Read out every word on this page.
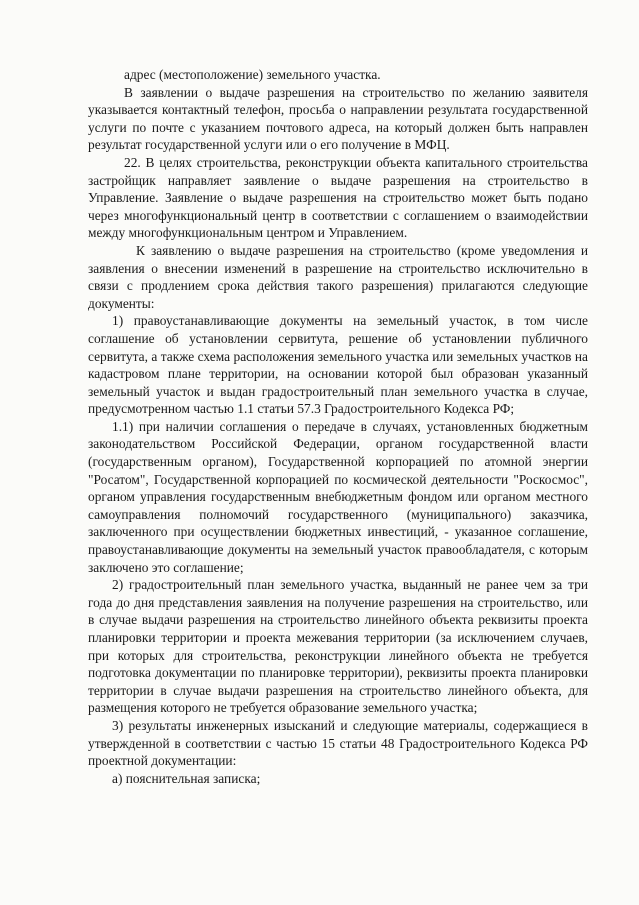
адрес (местоположение) земельного участка.

В заявлении о выдаче разрешения на строительство по желанию заявителя указывается контактный телефон, просьба о направлении результата государственной услуги по почте с указанием почтового адреса, на который должен быть направлен результат государственной услуги или о его получение в МФЦ.

22. В целях строительства, реконструкции объекта капитального строительства застройщик направляет заявление о выдаче разрешения на строительство в Управление. Заявление о выдаче разрешения на строительство может быть подано через многофункциональный центр в соответствии с соглашением о взаимодействии между многофункциональным центром и Управлением.

К заявлению о выдаче разрешения на строительство (кроме уведомления и заявления о внесении изменений в разрешение на строительство исключительно в связи с продлением срока действия такого разрешения) прилагаются следующие документы:

1) правоустанавливающие документы на земельный участок, в том числе соглашение об установлении сервитута, решение об установлении публичного сервитута, а также схема расположения земельного участка или земельных участков на кадастровом плане территории, на основании которой был образован указанный земельный участок и выдан градостроительный план земельного участка в случае, предусмотренном частью 1.1 статьи 57.3 Градостроительного Кодекса РФ;

1.1) при наличии соглашения о передаче в случаях, установленных бюджетным законодательством Российской Федерации, органом государственной власти (государственным органом), Государственной корпорацией по атомной энергии "Росатом", Государственной корпорацией по космической деятельности "Роскосмос", органом управления государственным внебюджетным фондом или органом местного самоуправления полномочий государственного (муниципального) заказчика, заключенного при осуществлении бюджетных инвестиций, - указанное соглашение, правоустанавливающие документы на земельный участок правообладателя, с которым заключено это соглашение;

2) градостроительный план земельного участка, выданный не ранее чем за три года до дня представления заявления на получение разрешения на строительство, или в случае выдачи разрешения на строительство линейного объекта реквизиты проекта планировки территории и проекта межевания территории (за исключением случаев, при которых для строительства, реконструкции линейного объекта не требуется подготовка документации по планировке территории), реквизиты проекта планировки территории в случае выдачи разрешения на строительство линейного объекта, для размещения которого не требуется образование земельного участка;

3) результаты инженерных изысканий и следующие материалы, содержащиеся в утвержденной в соответствии с частью 15 статьи 48 Градостроительного Кодекса РФ проектной документации:

а) пояснительная записка;
